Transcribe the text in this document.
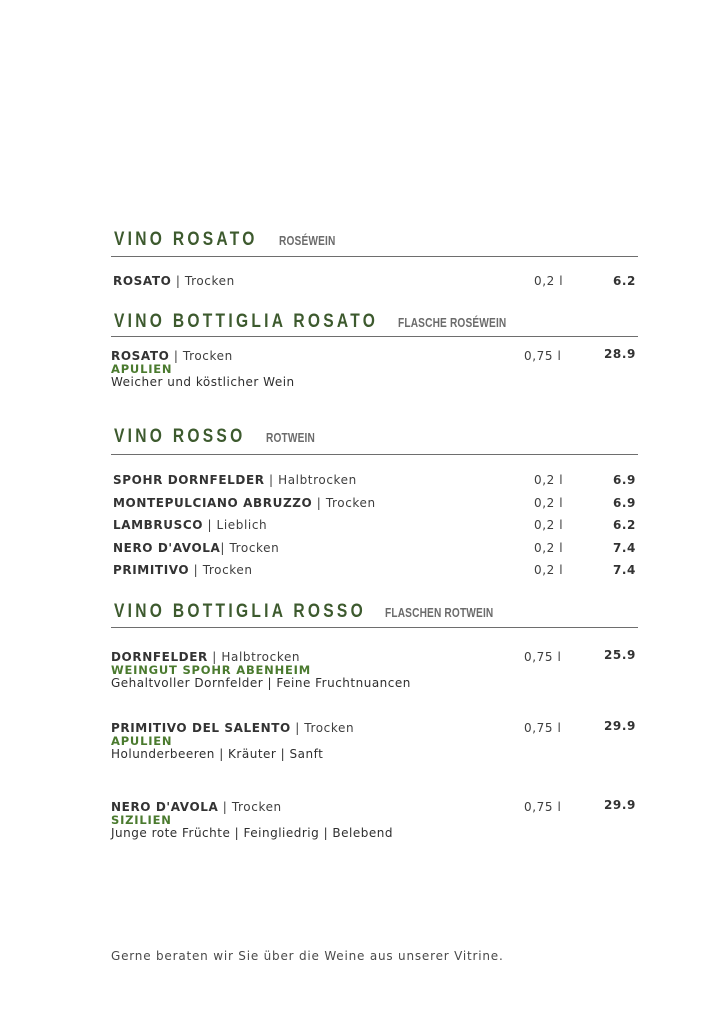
VINO ROSATO ROSÉWEIN
ROSATO | Trocken	0,2 l	6.2
VINO BOTTIGLIA ROSATO FLASCHE ROSÉWEIN
ROSATO | Trocken
APULIEN
Weicher und köstlicher Wein
0,75 l	28.9
VINO ROSSO ROTWEIN
SPOHR DORNFELDER | Halbtrocken	0,2 l	6.9
MONTEPULCIANO ABRUZZO | Trocken	0,2 l	6.9
LAMBRUSCO | Lieblich	0,2 l	6.2
NERO D'AVOLA| Trocken	0,2 l	7.4
PRIMITIVO | Trocken	0,2 l	7.4
VINO BOTTIGLIA ROSSO FLASCHEN ROTWEIN
DORNFELDER | Halbtrocken
WEINGUT SPOHR ABENHEIM
Gehaltvoller Dornfelder | Feine Fruchtnuancen
0,75 l	25.9
PRIMITIVO DEL SALENTO | Trocken
APULIEN
Holunderbeeren | Kräuter | Sanft
0,75 l	29.9
NERO D'AVOLA | Trocken
SIZILIEN
Junge rote Früchte | Feingliedrig | Belebend
0,75 l	29.9
Gerne beraten wir Sie über die Weine aus unserer Vitrine.
